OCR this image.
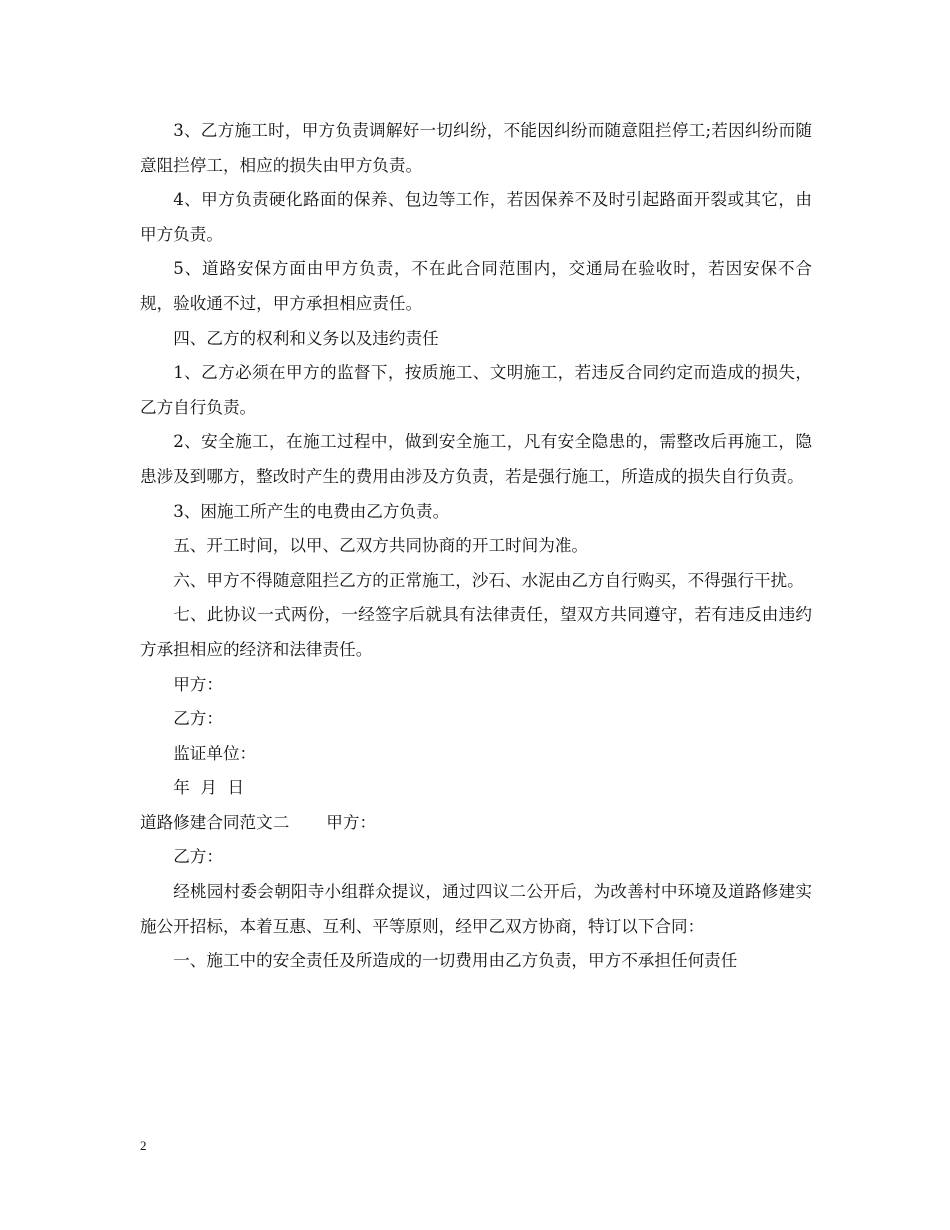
3、乙方施工时，甲方负责调解好一切纠纷，不能因纠纷而随意阻拦停工;若因纠纷而随意阻拦停工，相应的损失由甲方负责。

4、甲方负责硬化路面的保养、包边等工作，若因保养不及时引起路面开裂或其它，由甲方负责。

5、道路安保方面由甲方负责，不在此合同范围内，交通局在验收时，若因安保不合规，验收通不过，甲方承担相应责任。

四、乙方的权利和义务以及违约责任

1、乙方必须在甲方的监督下，按质施工、文明施工，若违反合同约定而造成的损失，乙方自行负责。

2、安全施工，在施工过程中，做到安全施工，凡有安全隐患的，需整改后再施工，隐患涉及到哪方，整改时产生的费用由涉及方负责，若是强行施工，所造成的损失自行负责。

3、困施工所产生的电费由乙方负责。

五、开工时间，以甲、乙双方共同协商的开工时间为准。

六、甲方不得随意阻拦乙方的正常施工，沙石、水泥由乙方自行购买，不得强行干扰。

七、此协议一式两份，一经签字后就具有法律责任，望双方共同遵守，若有违反由违约方承担相应的经济和法律责任。

甲方：

乙方：

监证单位：

年  月  日

道路修建合同范文二       甲方：

乙方：

经桃园村委会朝阳寺小组群众提议，通过四议二公开后，为改善村中环境及道路修建实施公开招标，本着互惠、互利、平等原则，经甲乙双方协商，特订以下合同：

一、施工中的安全责任及所造成的一切费用由乙方负责，甲方不承担任何责任

2
